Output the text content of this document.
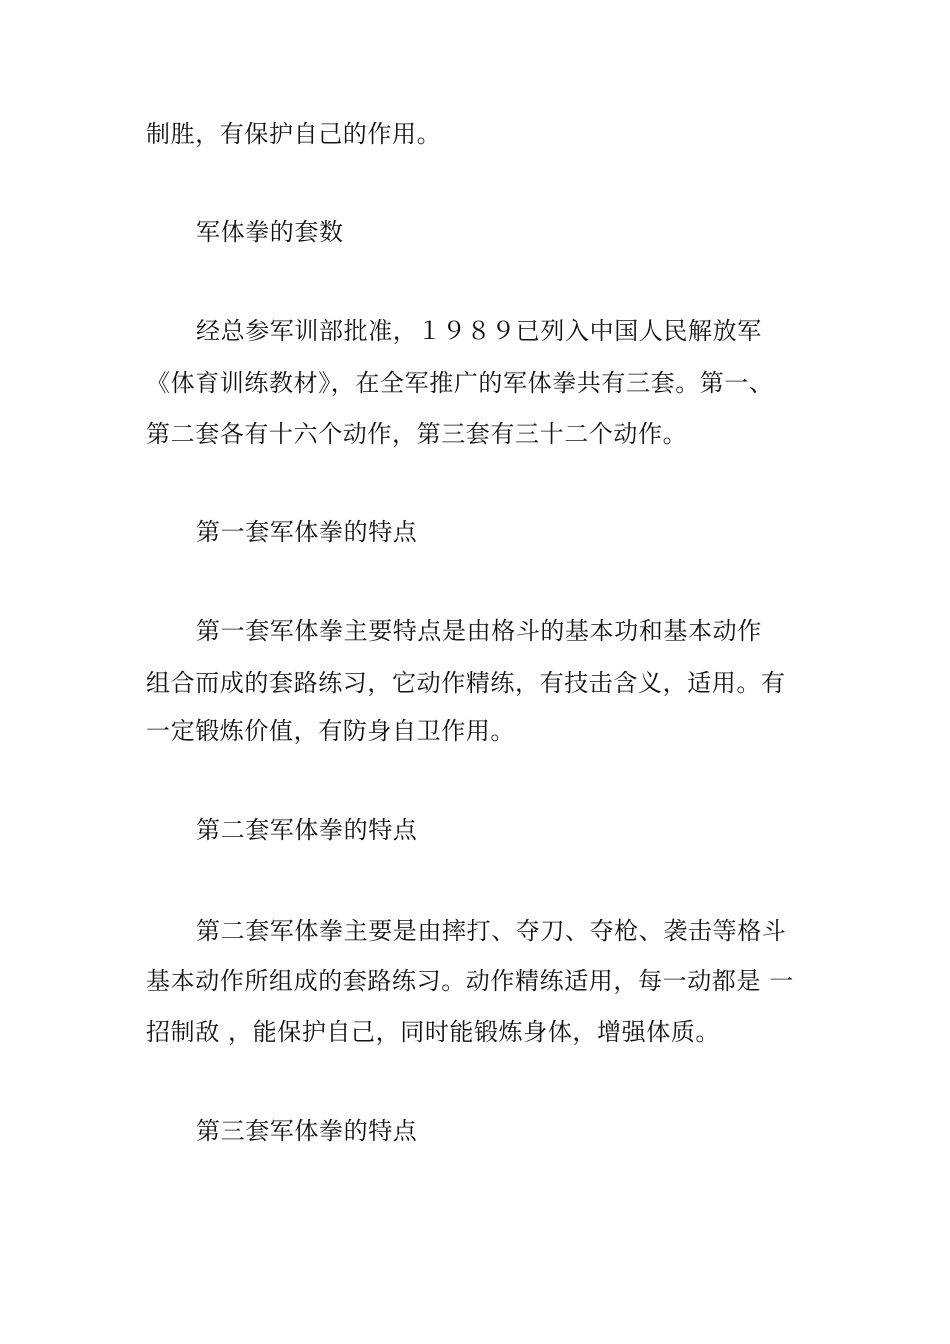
制胜，有保护自己的作用。
军体拳的套数
经总参军训部批准，１９８９已列入中国人民解放军
《体育训练教材》，在全军推广的军体拳共有三套。第一、
第二套各有十六个动作，第三套有三十二个动作。
第一套军体拳的特点
第一套军体拳主要特点是由格斗的基本功和基本动作
组合而成的套路练习，它动作精练，有技击含义，适用。有
一定锻炼价值，有防身自卫作用。
第二套军体拳的特点
第二套军体拳主要是由摔打、夺刀、夺枪、袭击等格斗
基本动作所组成的套路练习。动作精练适用，每一动都是 一
招制敌 ，能保护自己，同时能锻炼身体，增强体质。
第三套军体拳的特点
